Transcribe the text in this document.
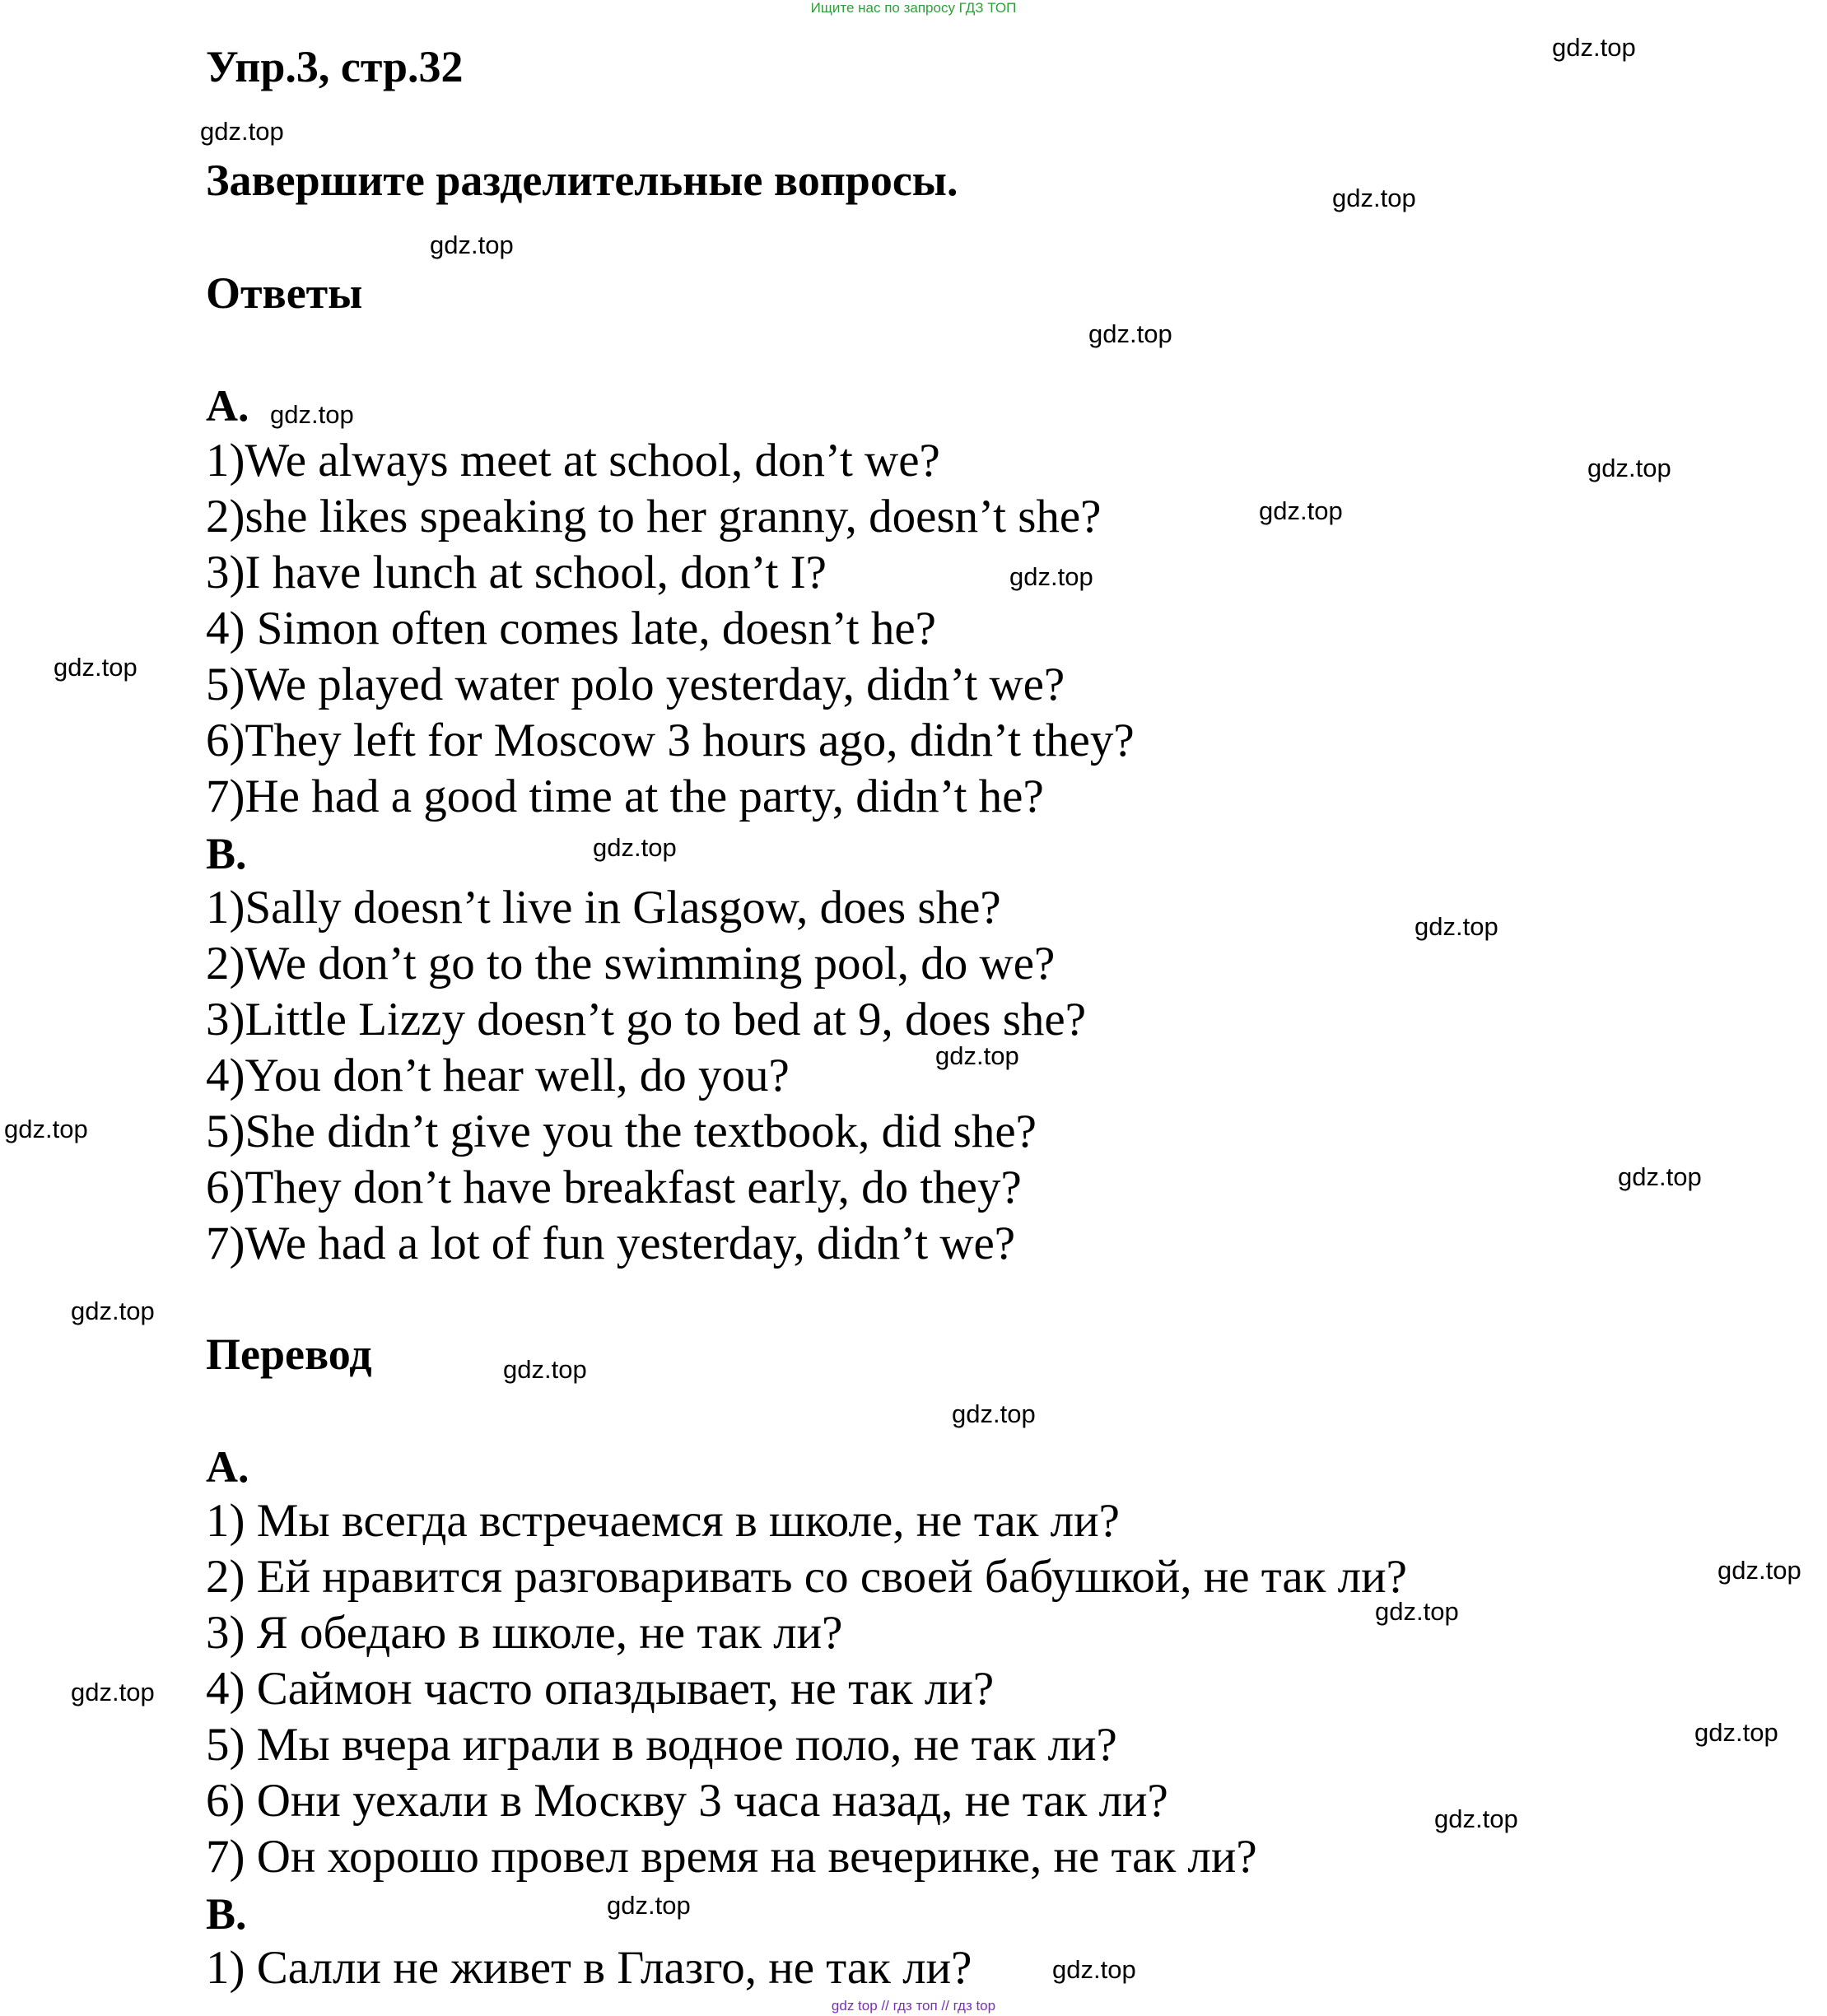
Ищите нас по запросу ГДЗ ТОП
gdz top // гдз топ // гдз top
Упр.3, стр.32
Завершите разделительные вопросы.
Ответы
A.
1)We always meet at school, don’t we?
2)she likes speaking to her granny, doesn’t she?
3)I have lunch at school, don’t I?
4) Simon often comes late, doesn’t he?
5)We played water polo yesterday, didn’t we?
6)They left for Moscow 3 hours ago, didn’t they?
7)He had a good time at the party, didn’t he?
B.
1)Sally doesn’t live in Glasgow, does she?
2)We don’t go to the swimming pool, do we?
3)Little Lizzy doesn’t go to bed at 9, does she?
4)You don’t hear well, do you?
5)She didn’t give you the textbook, did she?
6)They don’t have breakfast early, do they?
7)We had a lot of fun yesterday, didn’t we?
Перевод
A.
1) Мы всегда встречаемся в школе, не так ли?
2) Ей нравится разговаривать со своей бабушкой, не так ли?
3) Я обедаю в школе, не так ли?
4) Саймон часто опаздывает, не так ли?
5) Мы вчера играли в водное поло, не так ли?
6) Они уехали в Москву 3 часа назад, не так ли?
7) Он хорошо провел время на вечеринке, не так ли?
B.
1) Салли не живет в Глазго, не так ли?
gdz.top
gdz.top
gdz.top
gdz.top
gdz.top
gdz.top
gdz.top
gdz.top
gdz.top
gdz.top
gdz.top
gdz.top
gdz.top
gdz.top
gdz.top
gdz.top
gdz.top
gdz.top
gdz.top
gdz.top
gdz.top
gdz.top
gdz.top
gdz.top
gdz.top
